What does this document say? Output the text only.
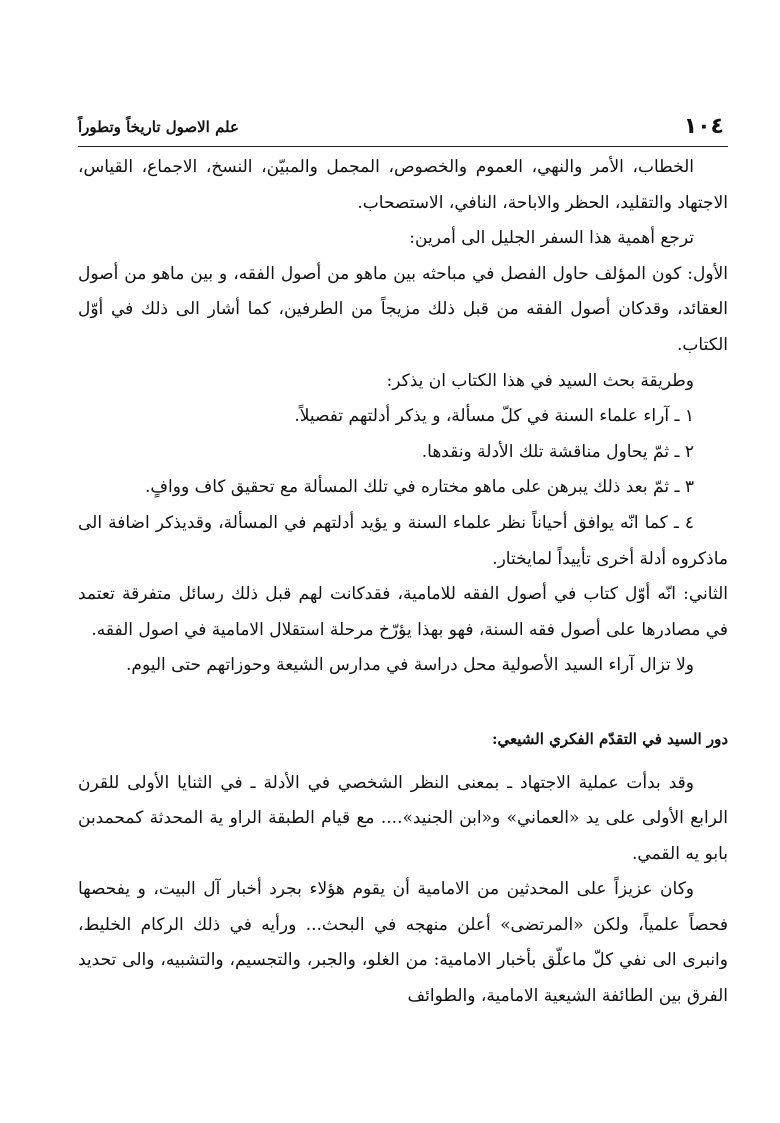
١٠٤
علم الاصول تاريخاً وتطوراً

الخطاب، الأمر والنهي، العموم والخصوص، المجمل والمبيّن، النسخ، الاجماع، القياس، الاجتهاد والتقليد، الحظر والاباحة، النافي، الاستصحاب.

ترجع أهمية هذا السفر الجليل الى أمرين:

الأول: كون المؤلف حاول الفصل في مباحثه بين ماهو من أصول الفقه، و بين ماهو من أصول العقائد، وقدكان أصول الفقه من قبل ذلك مزيجاً من الطرفين، كما أشار الى ذلك في أوّل الكتاب.

وطريقة بحث السيد في هذا الكتاب ان يذكر:

١ ـ آراء علماء السنة في كلّ مسألة، و يذكر أدلتهم تفصيلاً.

٢ ـ ثمّ يحاول مناقشة تلك الأدلة ونقدها.

٣ ـ ثمّ بعد ذلك يبرهن على ماهو مختاره في تلك المسألة مع تحقيق كاف ووافٍ.

٤ ـ كما انّه يوافق أحياناً نظر علماء السنة و يؤيد أدلتهم في المسألة، وقديذكر اضافة الى ماذكروه أدلة أخرى تأييداً لمايختار.

الثاني: انّه أوّل كتاب في أصول الفقه للامامية، فقدكانت لهم قبل ذلك رسائل متفرقة تعتمد في مصادرها على أصول فقه السنة، فهو بهذا يؤرّخ مرحلة استقلال الامامية في اصول الفقه.

ولا تزال آراء السيد الأصولية محل دراسة في مدارس الشيعة وحوزاتهم حتى اليوم.

دور السيد في التقدّم الفكري الشيعي:

وقد بدأت عملية الاجتهاد ـ بمعنى النظر الشخصي في الأدلة ـ في الثنايا الأولى للقرن الرابع الأولى على يد «العماني» و«ابن الجنيد».... مع قيام الطبقة الراو ية المحدثة كمحمدبن بابو يه القمي.

وكان عزيزاً على المحدثين من الامامية أن يقوم هؤلاء بجرد أخبار آل البيت، و يفحصها فحصاً علمياً، ولكن «المرتضى» أعلن منهجه في البحث... ورأيه في ذلك الركام الخليط، وانبرى الى نفي كلّ ماعلّق بأخبار الامامية: من الغلو، والجبر، والتجسيم، والتشبيه، والى تحديد الفرق بين الطائفة الشيعية الامامية، والطوائف
